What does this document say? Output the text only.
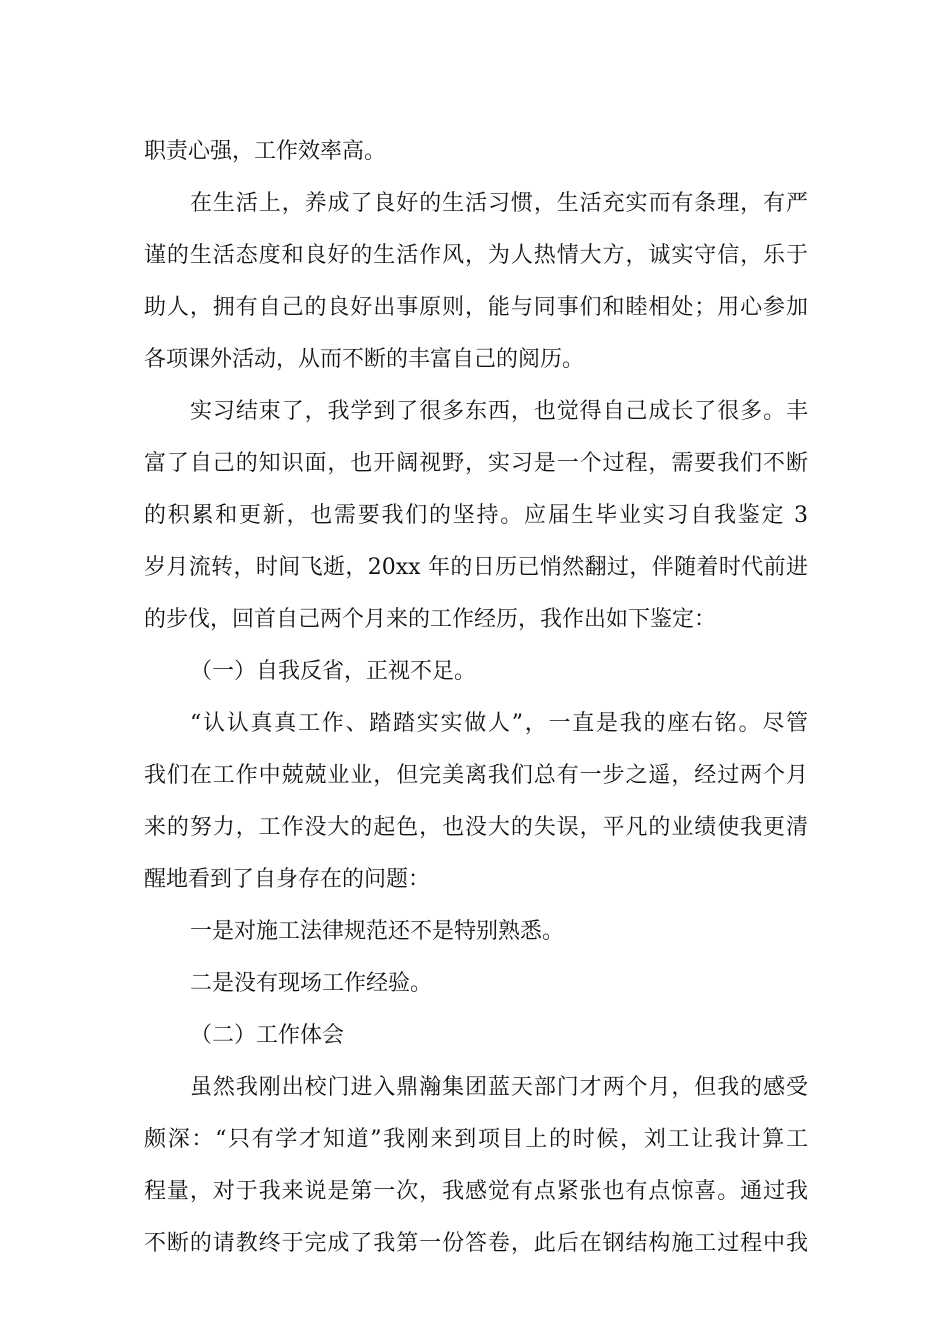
职责心强，工作效率高。
在生活上，养成了良好的生活习惯，生活充实而有条理，有严
谨的生活态度和良好的生活作风，为人热情大方，诚实守信，乐于
助人，拥有自己的良好出事原则，能与同事们和睦相处；用心参加
各项课外活动，从而不断的丰富自己的阅历。
实习结束了，我学到了很多东西，也觉得自己成长了很多。丰
富了自己的知识面，也开阔视野，实习是一个过程，需要我们不断
的积累和更新，也需要我们的坚持。应届生毕业实习自我鉴定 3
岁月流转，时间飞逝，20xx 年的日历已悄然翻过，伴随着时代前进
的步伐，回首自己两个月来的工作经历，我作出如下鉴定：
（一）自我反省，正视不足。
“认认真真工作、踏踏实实做人”，一直是我的座右铭。尽管
我们在工作中兢兢业业，但完美离我们总有一步之遥，经过两个月
来的努力，工作没大的起色，也没大的失误，平凡的业绩使我更清
醒地看到了自身存在的问题：
一是对施工法律规范还不是特别熟悉。
二是没有现场工作经验。
（二）工作体会
虽然我刚出校门进入鼎瀚集团蓝天部门才两个月，但我的感受
颇深：“只有学才知道”我刚来到项目上的时候，刘工让我计算工
程量，对于我来说是第一次，我感觉有点紧张也有点惊喜。通过我
不断的请教终于完成了我第一份答卷，此后在钢结构施工过程中我
